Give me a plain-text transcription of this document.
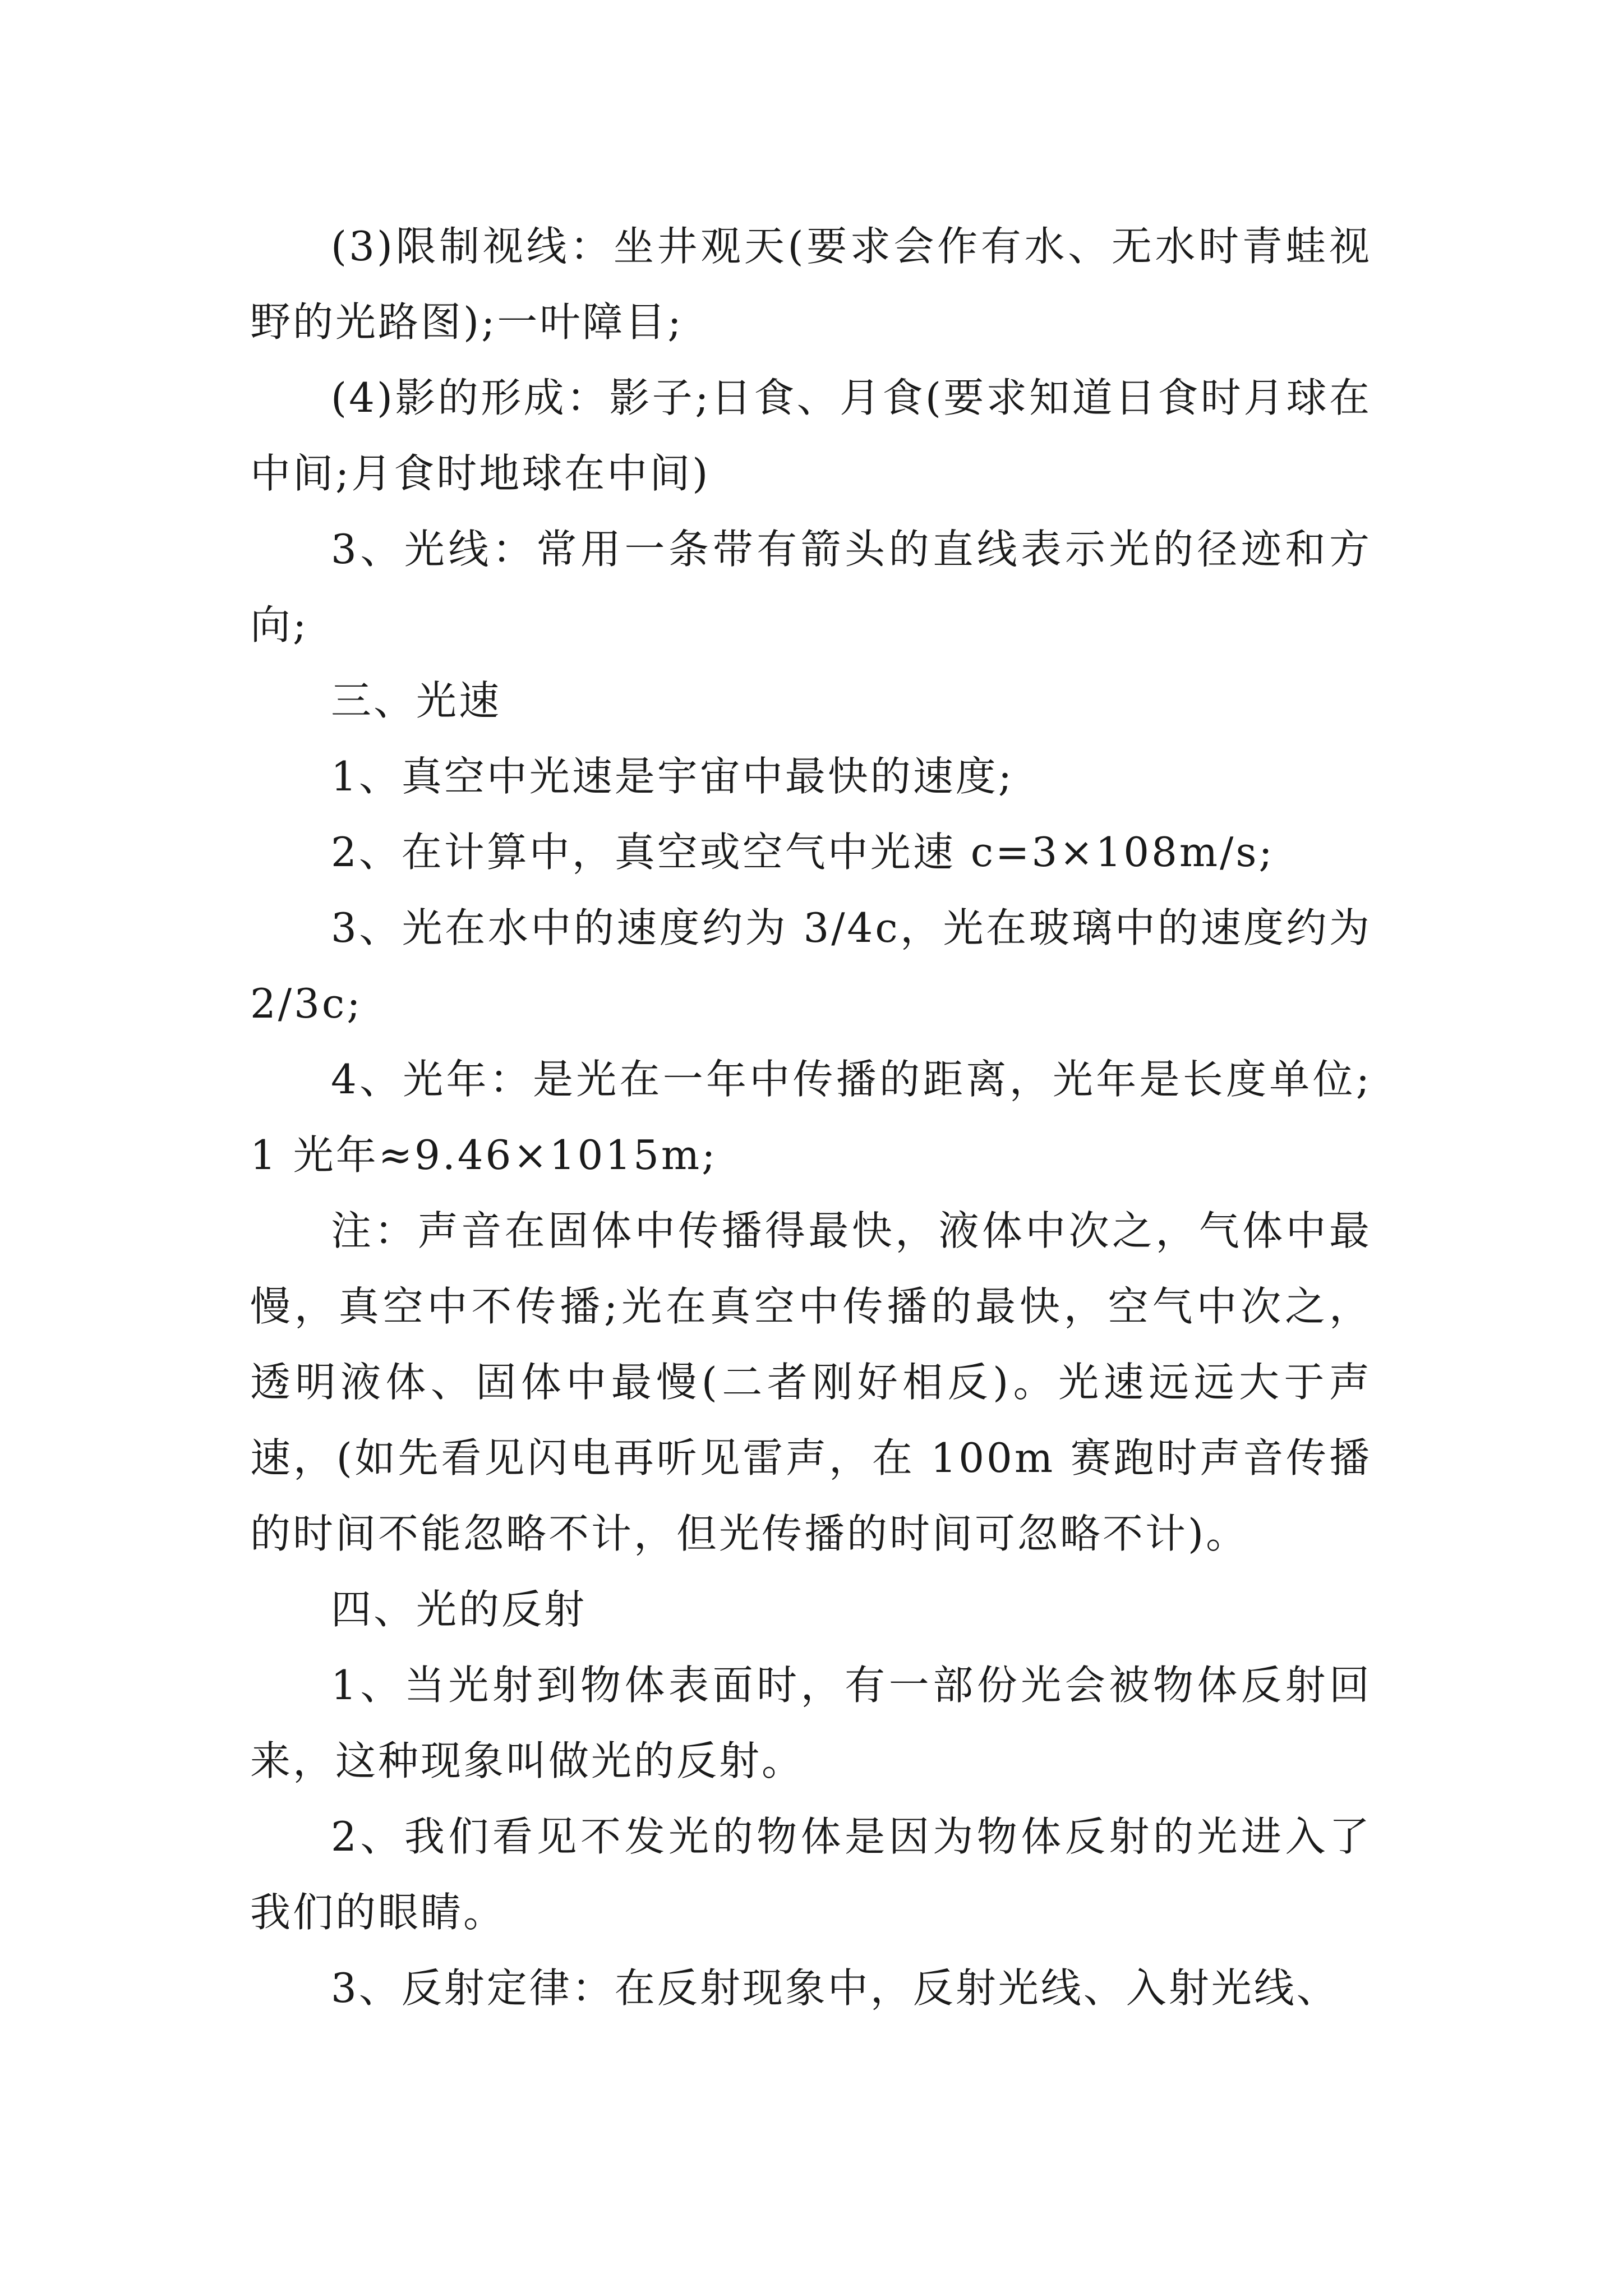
(3)限制视线：坐井观天(要求会作有水、无水时青蛙视野的光路图);一叶障目;

(4)影的形成：影子;日食、月食(要求知道日食时月球在中间;月食时地球在中间)

3、光线：常用一条带有箭头的直线表示光的径迹和方向;

三、光速

1、真空中光速是宇宙中最快的速度;

2、在计算中，真空或空气中光速 c=3×108m/s;

3、光在水中的速度约为 3/4c，光在玻璃中的速度约为 2/3c;

4、光年：是光在一年中传播的距离，光年是长度单位;1 光年≈9.46×1015m;

注：声音在固体中传播得最快，液体中次之，气体中最慢，真空中不传播;光在真空中传播的最快，空气中次之，透明液体、固体中最慢(二者刚好相反)。光速远远大于声速，(如先看见闪电再听见雷声，在 100m 赛跑时声音传播的时间不能忽略不计，但光传播的时间可忽略不计)。

四、光的反射

1、当光射到物体表面时，有一部份光会被物体反射回来，这种现象叫做光的反射。

2、我们看见不发光的物体是因为物体反射的光进入了我们的眼睛。

3、反射定律：在反射现象中，反射光线、入射光线、
